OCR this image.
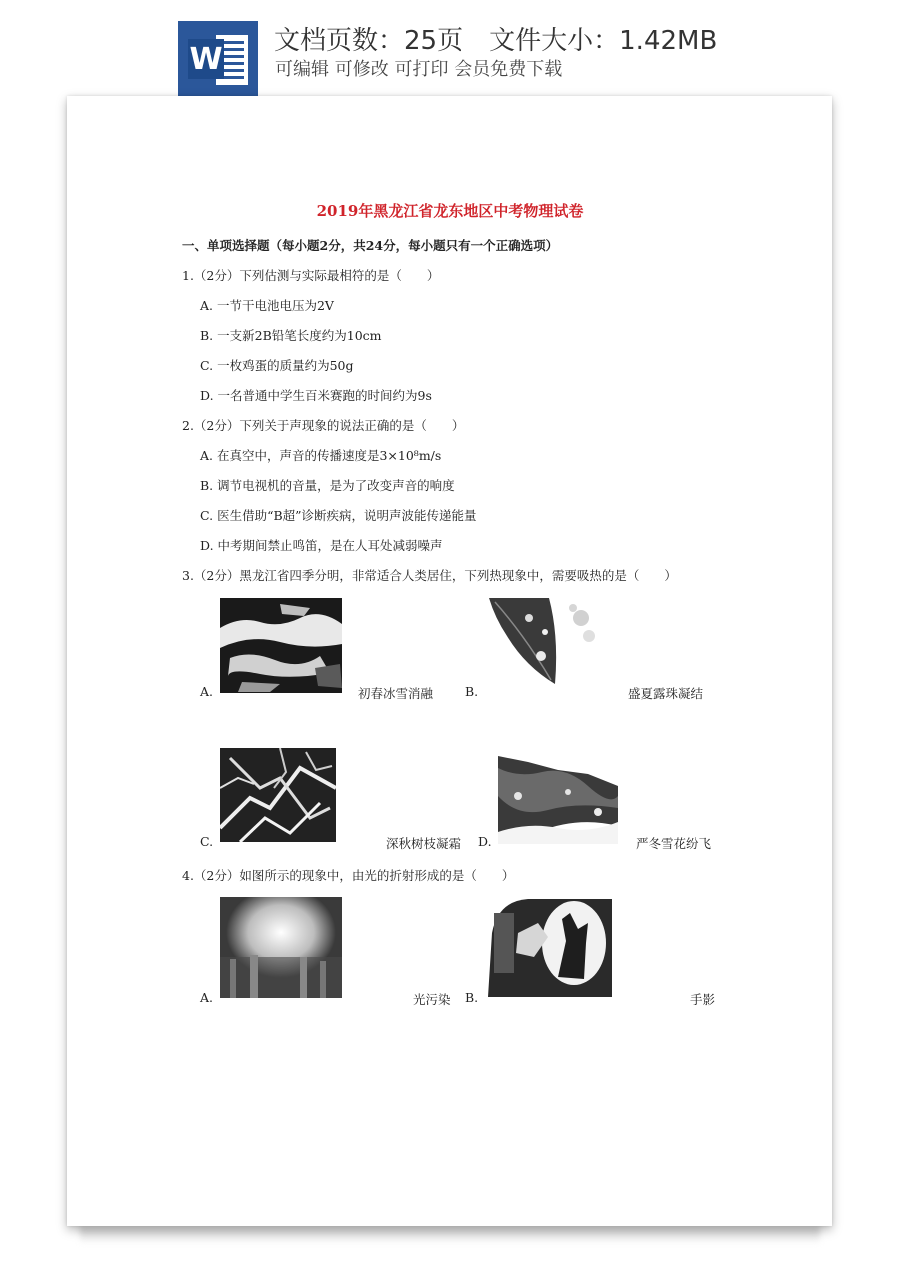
W
文档页数：25页　 文件大小：1.42MB
可编辑 可修改 可打印 会员免费下载
2019年黑龙江省龙东地区中考物理试卷
一、单项选择题（每小题2分，共24分，每小题只有一个正确选项）
1.（2分）下列估测与实际最相符的是（　　）
A. 一节干电池电压为2V
B. 一支新2B铅笔长度约为10cm
C. 一枚鸡蛋的质量约为50g
D. 一名普通中学生百米赛跑的时间约为9s
2.（2分）下列关于声现象的说法正确的是（　　）
A. 在真空中，声音的传播速度是3×10⁸m/s
B. 调节电视机的音量，是为了改变声音的响度
C. 医生借助“B超”诊断疾病，说明声波能传递能量
D. 中考期间禁止鸣笛，是在人耳处减弱噪声
3.（2分）黑龙江省四季分明，非常适合人类居住，下列热现象中，需要吸热的是（　　）
A.	初春冰雪消融	B.	盛夏露珠凝结
C.	深秋树枝凝霜 D.	严冬雪花纷飞
4.（2分）如图所示的现象中，由光的折射形成的是（　　）
A.	光污染 B.	手影
